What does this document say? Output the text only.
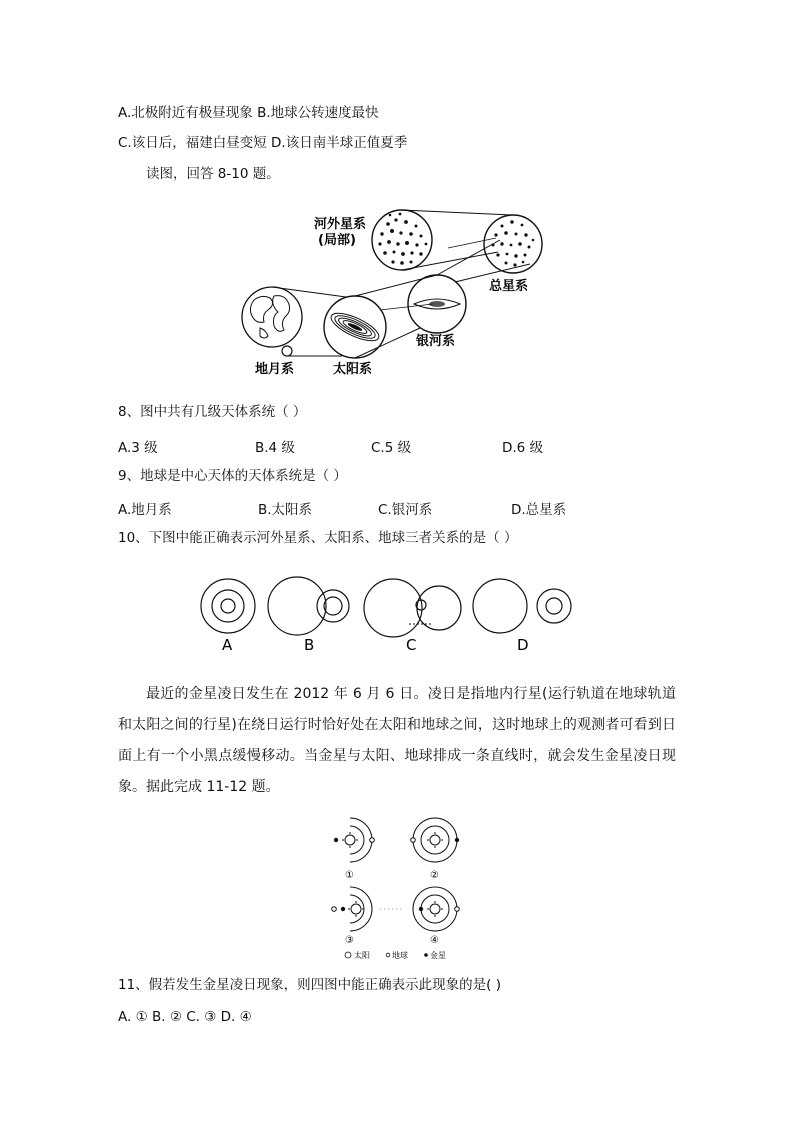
A.北极附近有极昼现象 B.地球公转速度最快
C.该日后，福建白昼变短 D.该日南半球正值夏季
读图，回答 8-10 题。
河外星系
(局部)
总星系
银河系
地月系	太阳系
8、图中共有几级天体系统（ ）
A.3 级	B.4 级	C.5 级	D.6 级
9、地球是中心天体的天体系统是（ ）
A.地月系	B.太阳系	C.银河系	D.总星系
10、下图中能正确表示河外星系、太阳系、地球三者关系的是（ ）
A	B	C	D
最近的金星凌日发生在 2012 年 6 月 6 日。凌日是指地内行星(运行轨道在地球轨道和太阳之间的行星)在绕日运行时恰好处在太阳和地球之间，这时地球上的观测者可看到日面上有一个小黑点缓慢移动。当金星与太阳、地球排成一条直线时，就会发生金星凌日现象。据此完成 11-12 题。
①	②
③	④
太阳	地球	金星
11、假若发生金星凌日现象，则四图中能正确表示此现象的是( )
A. ① B. ② C. ③ D. ④
